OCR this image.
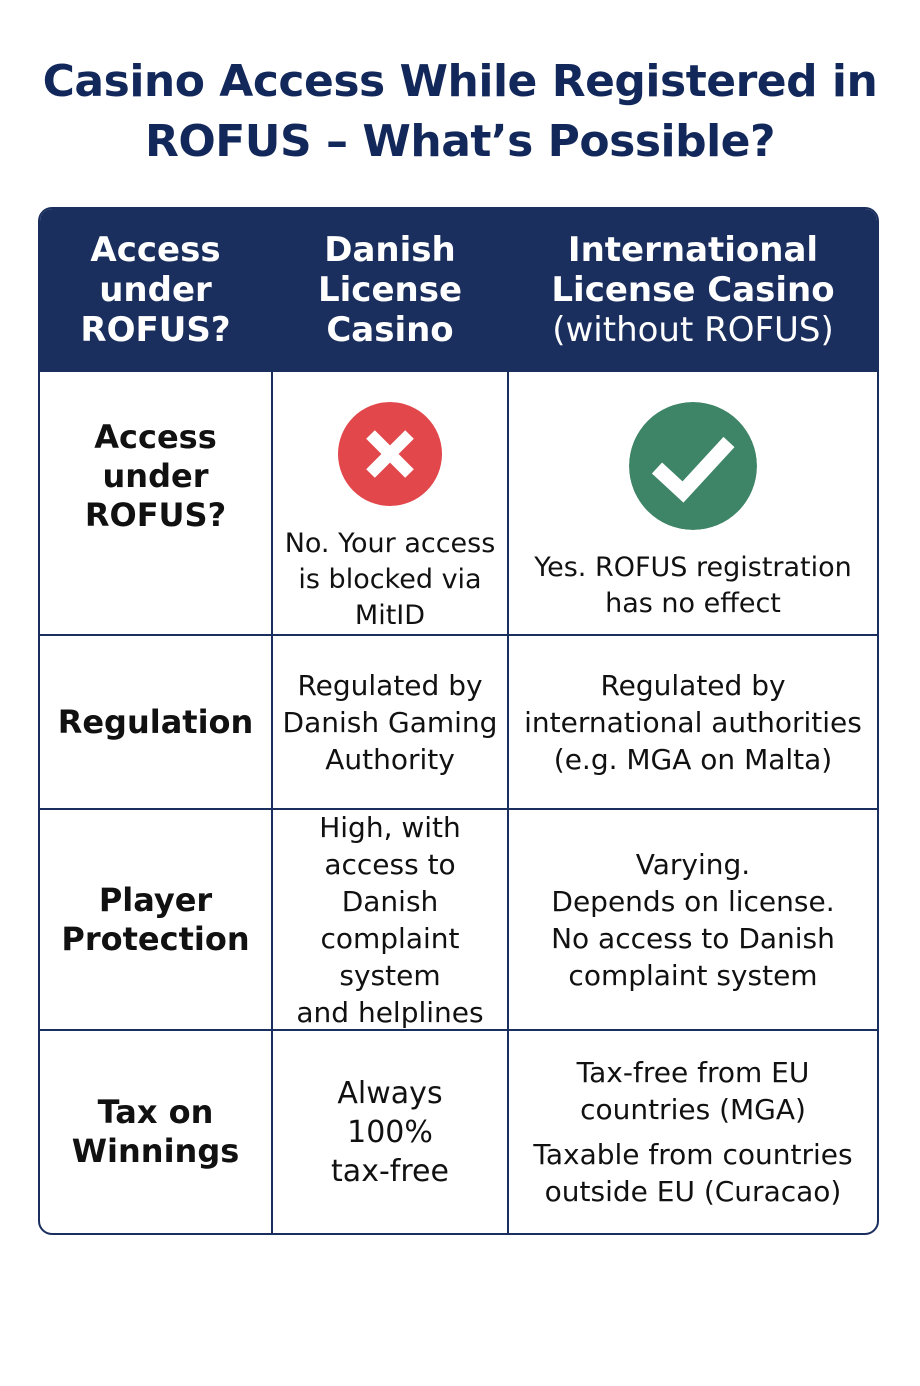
Casino Access While Registered in
ROFUS – What’s Possible?
Access
under
ROFUS?
Danish
License
Casino
International
License Casino
(without ROFUS)
Access
under
ROFUS?
No. Your access
is blocked via MitID
Yes. ROFUS registration
has no effect
Regulation
Regulated by
Danish Gaming
Authority
Regulated by
international authorities
(e.g. MGA on Malta)
Player
Protection
High, with
access to
Danish
complaint system
and helplines
Varying.
Depends on license.
No access to Danish
complaint system
Tax on
Winnings
Always
100%
tax-free
Tax-free from EU
countries (MGA)
Taxable from countries
outside EU (Curacao)
